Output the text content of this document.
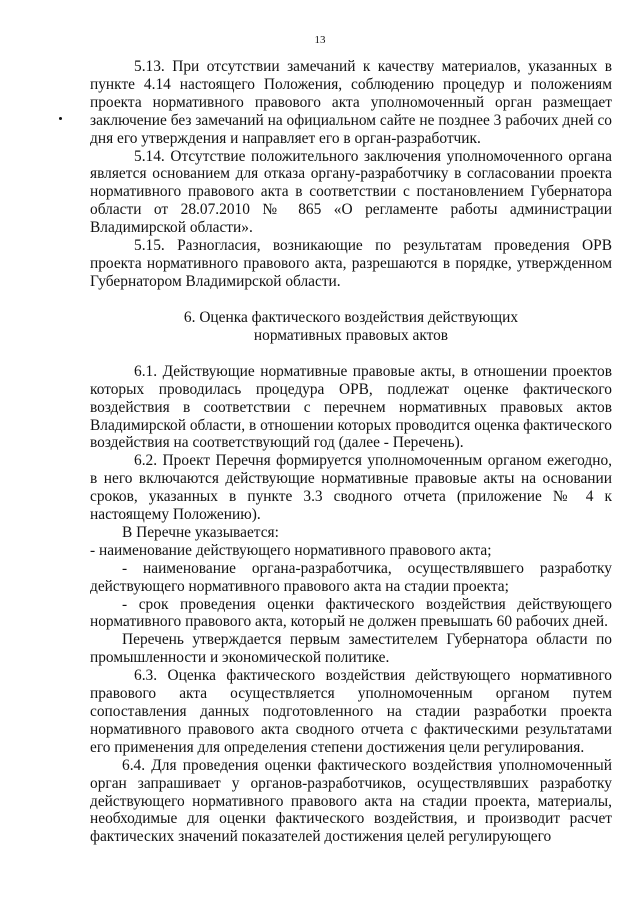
13

5.13. При отсутствии замечаний к качеству материалов, указанных в пункте 4.14 настоящего Положения, соблюдению процедур и положениям проекта нормативного правового акта уполномоченный орган размещает заключение без замечаний на официальном сайте не позднее 3 рабочих дней со дня его утверждения и направляет его в орган-разработчик.

5.14. Отсутствие положительного заключения уполномоченного органа является основанием для отказа органу-разработчику в согласовании проекта нормативного правового акта в соответствии с постановлением Губернатора области от 28.07.2010 № 865 «О регламенте работы администрации Владимирской области».

5.15. Разногласия, возникающие по результатам проведения ОРВ проекта нормативного правового акта, разрешаются в порядке, утвержденном Губернатором Владимирской области.

6. Оценка фактического воздействия действующих
нормативных правовых актов

6.1. Действующие нормативные правовые акты, в отношении проектов которых проводилась процедура ОРВ, подлежат оценке фактического воздействия в соответствии с перечнем нормативных правовых актов Владимирской области, в отношении которых проводится оценка фактического воздействия на соответствующий год (далее - Перечень).

6.2. Проект Перечня формируется уполномоченным органом ежегодно, в него включаются действующие нормативные правовые акты на основании сроков, указанных в пункте 3.3 сводного отчета (приложение № 4 к настоящему Положению).

В Перечне указывается:

- наименование действующего нормативного правового акта;

- наименование органа-разработчика, осуществлявшего разработку действующего нормативного правового акта на стадии проекта;

- срок проведения оценки фактического воздействия действующего нормативного правового акта, который не должен превышать 60 рабочих дней.

Перечень утверждается первым заместителем Губернатора области по промышленности и экономической политике.

6.3. Оценка фактического воздействия действующего нормативного правового акта осуществляется уполномоченным органом путем сопоставления данных подготовленного на стадии разработки проекта нормативного правового акта сводного отчета с фактическими результатами его применения для определения степени достижения цели регулирования.

6.4. Для проведения оценки фактического воздействия уполномоченный орган запрашивает у органов-разработчиков, осуществлявших разработку действующего нормативного правового акта на стадии проекта, материалы, необходимые для оценки фактического воздействия, и производит расчет фактических значений показателей достижения целей регулирующего
